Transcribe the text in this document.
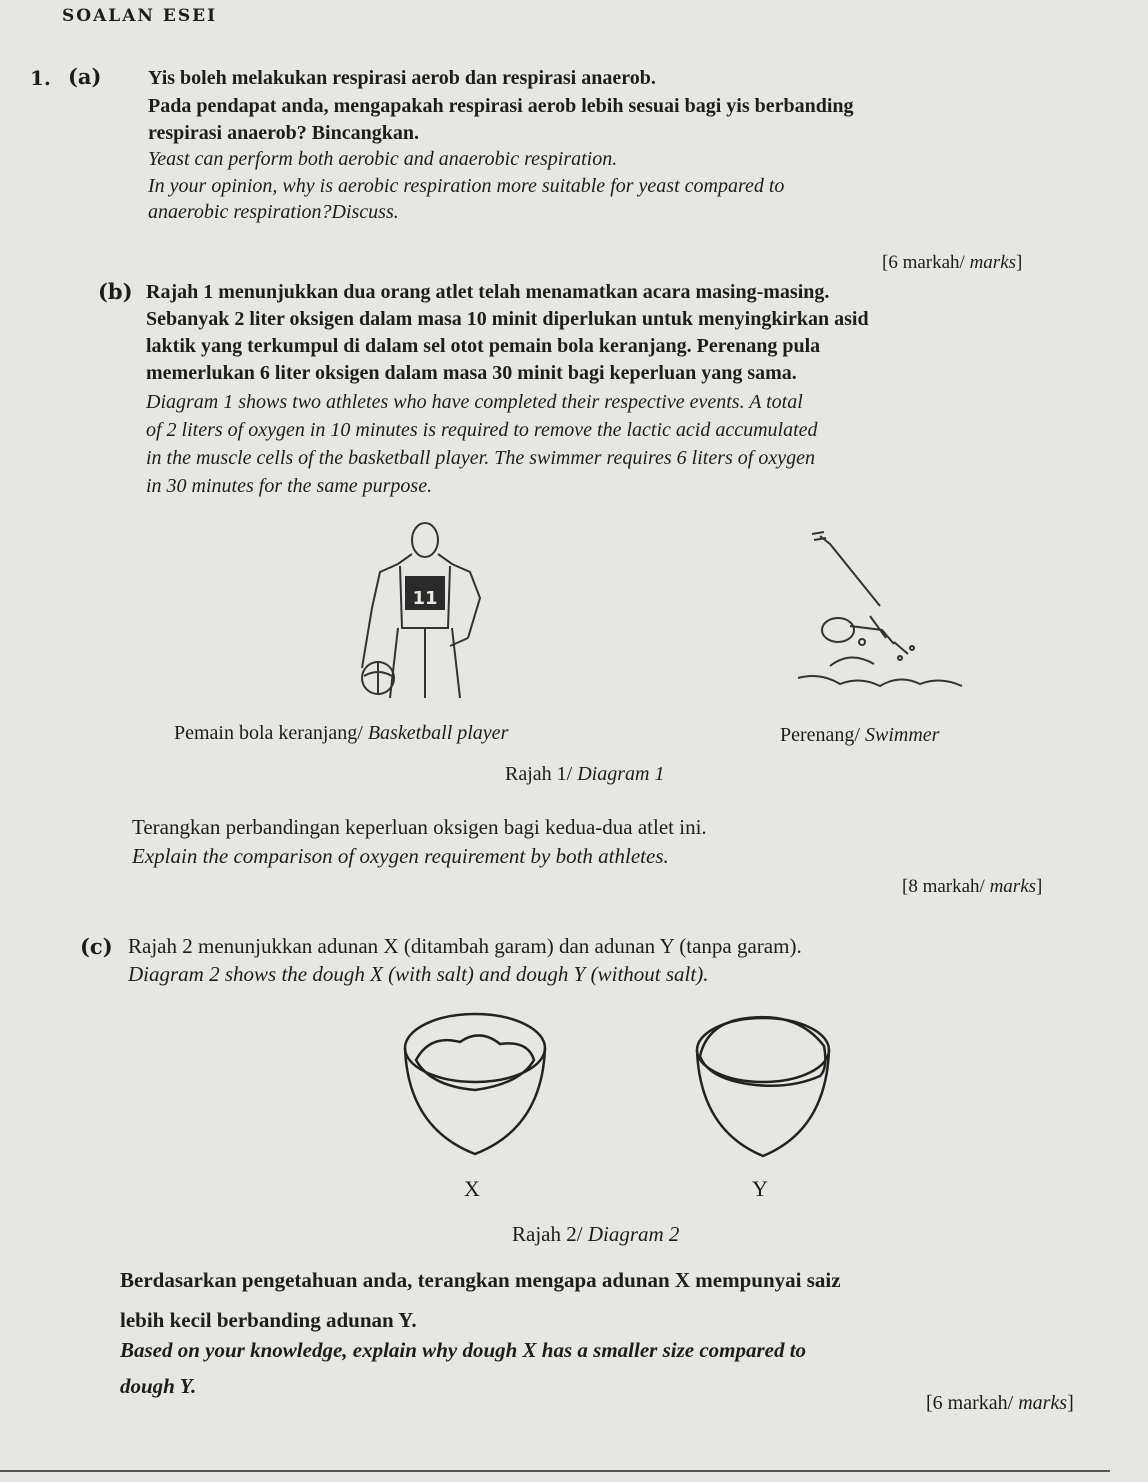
SOALAN ESEI
1. (a) Yis boleh melakukan respirasi aerob dan respirasi anaerob.
Pada pendapat anda, mengapakah respirasi aerob lebih sesuai bagi yis berbanding
respirasi anaerob? Bincangkan.
Yeast can perform both aerobic and anaerobic respiration.
In your opinion, why is aerobic respiration more suitable for yeast compared to
anaerobic respiration?Discuss.
[6 markah/ marks]
(b) Rajah 1 menunjukkan dua orang atlet telah menamatkan acara masing-masing.
Sebanyak 2 liter oksigen dalam masa 10 minit diperlukan untuk menyingkirkan asid
laktik yang terkumpul di dalam sel otot pemain bola keranjang. Perenang pula
memerlukan 6 liter oksigen dalam masa 30 minit bagi keperluan yang sama.
Diagram 1 shows two athletes who have completed their respective events. A total
of 2 liters of oxygen in 10 minutes is required to remove the lactic acid accumulated
in the muscle cells of the basketball player. The swimmer requires 6 liters of oxygen
in 30 minutes for the same purpose.
11
Pemain bola keranjang/ Basketball player	Perenang/ Swimmer
Rajah 1/ Diagram 1
Terangkan perbandingan keperluan oksigen bagi kedua-dua atlet ini.
Explain the comparison of oxygen requirement by both athletes.
[8 markah/ marks]
(c) Rajah 2 menunjukkan adunan X (ditambah garam) dan adunan Y (tanpa garam).
Diagram 2 shows the dough X (with salt) and dough Y (without salt).
X	Y
Rajah 2/ Diagram 2
Berdasarkan pengetahuan anda, terangkan mengapa adunan X mempunyai saiz
lebih kecil berbanding adunan Y.
Based on your knowledge, explain why dough X has a smaller size compared to
dough Y.
[6 markah/ marks]
